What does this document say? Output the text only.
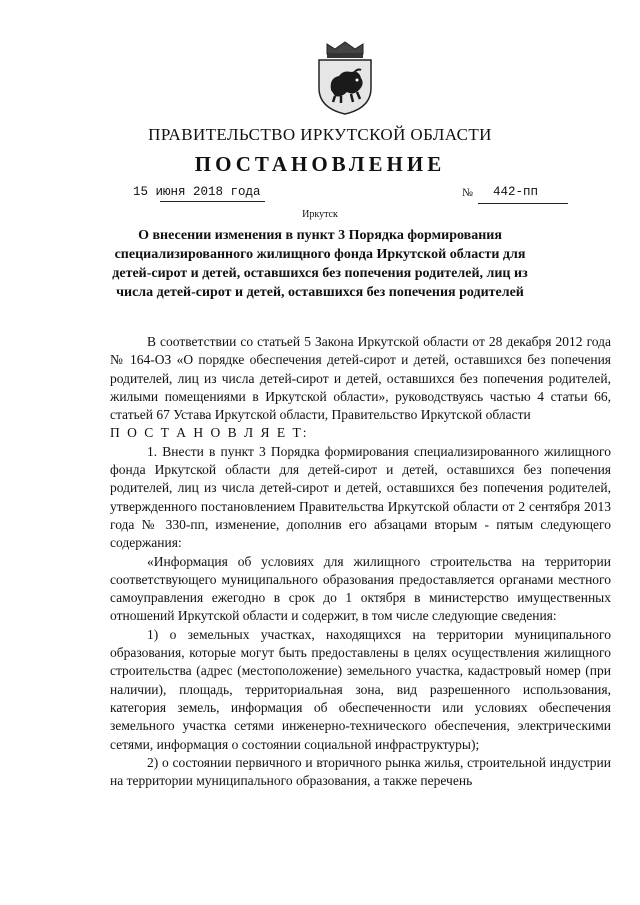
ПРАВИТЕЛЬСТВО ИРКУТСКОЙ ОБЛАСТИ
ПОСТАНОВЛЕНИЕ
15 июня 2018 года	№ 442-пп
Иркутск
О внесении изменения в пункт 3 Порядка формирования специализированного жилищного фонда Иркутской области для детей-сирот и детей, оставшихся без попечения родителей, лиц из числа детей-сирот и детей, оставшихся без попечения родителей

В соответствии со статьей 5 Закона Иркутской области от 28 декабря 2012 года № 164-ОЗ «О порядке обеспечения детей-сирот и детей, оставшихся без попечения родителей, лиц из числа детей-сирот и детей, оставшихся без попечения родителей, жилыми помещениями в Иркутской области», руководствуясь частью 4 статьи 66, статьей 67 Устава Иркутской области, Правительство Иркутской области

П О С Т А Н О В Л Я Е Т:

1. Внести в пункт 3 Порядка формирования специализированного жилищного фонда Иркутской области для детей-сирот и детей, оставшихся без попечения родителей, лиц из числа детей-сирот и детей, оставшихся без попечения родителей, утвержденного постановлением Правительства Иркутской области от 2 сентября 2013 года № 330-пп, изменение, дополнив его абзацами вторым - пятым следующего содержания:

«Информация об условиях для жилищного строительства на территории соответствующего муниципального образования предоставляется органами местного самоуправления ежегодно в срок до 1 октября в министерство имущественных отношений Иркутской области и содержит, в том числе следующие сведения:

1) о земельных участках, находящихся на территории муниципального образования, которые могут быть предоставлены в целях осуществления жилищного строительства (адрес (местоположение) земельного участка, кадастровый номер (при наличии), площадь, территориальная зона, вид разрешенного использования, категория земель, информация об обеспеченности или условиях обеспечения земельного участка сетями инженерно-технического обеспечения, электрическими сетями, информация о состоянии социальной инфраструктуры);

2) о состоянии первичного и вторичного рынка жилья, строительной индустрии на территории муниципального образования, а также перечень
